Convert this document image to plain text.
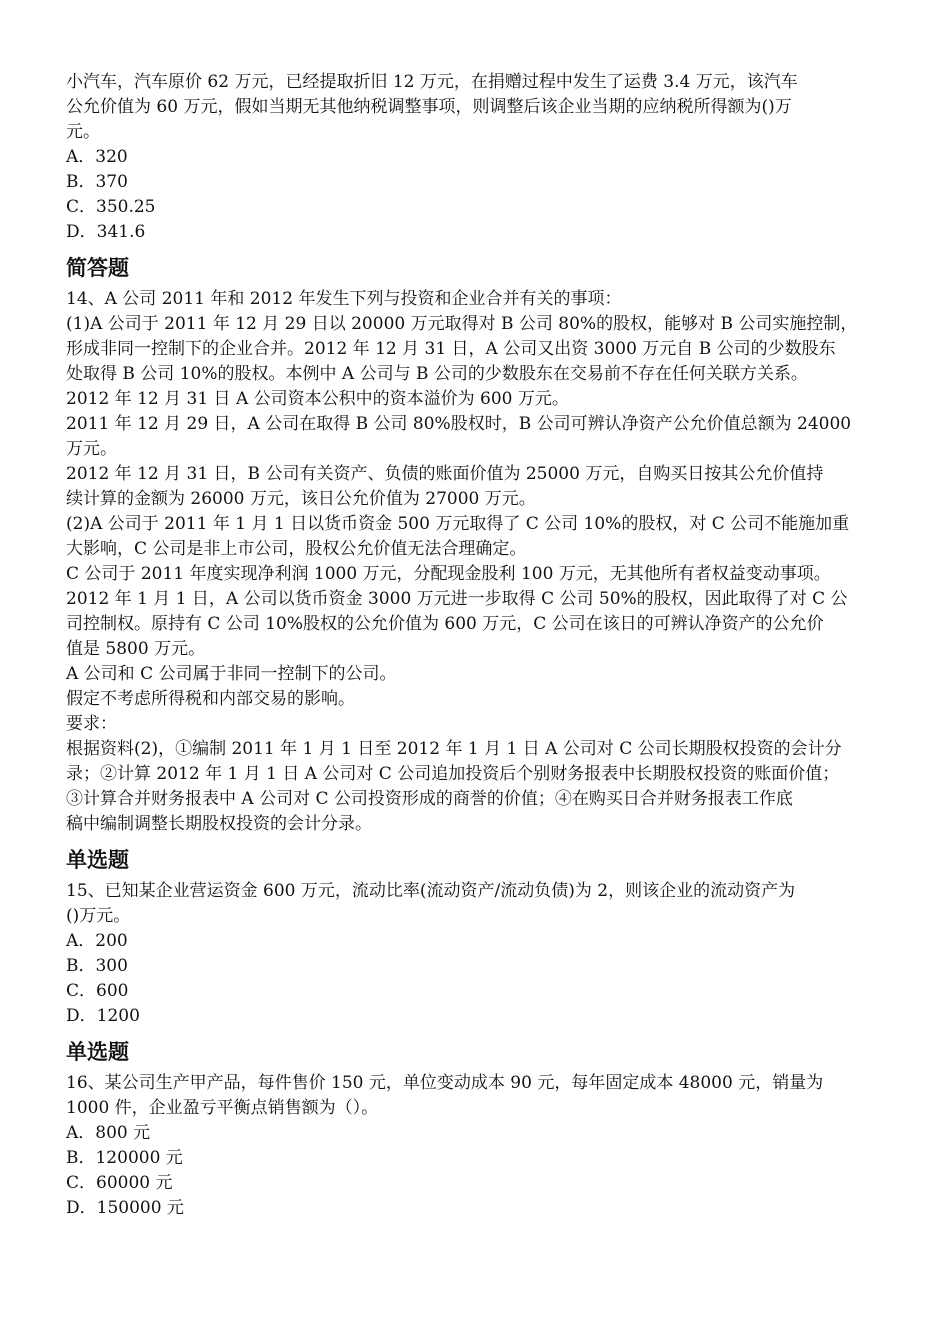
小汽车，汽车原价 62 万元，已经提取折旧 12 万元，在捐赠过程中发生了运费 3.4 万元，该汽车
公允价值为 60 万元，假如当期无其他纳税调整事项，则调整后该企业当期的应纳税所得额为()万
元。
A．320
B．370
C．350.25
D．341.6
简答题
14、A 公司 2011 年和 2012 年发生下列与投资和企业合并有关的事项：
(1)A 公司于 2011 年 12 月 29 日以 20000 万元取得对 B 公司 80%的股权，能够对 B 公司实施控制，
形成非同一控制下的企业合并。2012 年 12 月 31 日，A 公司又出资 3000 万元自 B 公司的少数股东
处取得 B 公司 10%的股权。本例中 A 公司与 B 公司的少数股东在交易前不存在任何关联方关系。
2012 年 12 月 31 日 A 公司资本公积中的资本溢价为 600 万元。
2011 年 12 月 29 日，A 公司在取得 B 公司 80%股权时，B 公司可辨认净资产公允价值总额为 24000
万元。
2012 年 12 月 31 日，B 公司有关资产、负债的账面价值为 25000 万元，自购买日按其公允价值持
续计算的金额为 26000 万元，该日公允价值为 27000 万元。
(2)A 公司于 2011 年 1 月 1 日以货币资金 500 万元取得了 C 公司 10%的股权，对 C 公司不能施加重
大影响，C 公司是非上市公司，股权公允价值无法合理确定。
C 公司于 2011 年度实现净利润 1000 万元，分配现金股利 100 万元，无其他所有者权益变动事项。
2012 年 1 月 1 日，A 公司以货币资金 3000 万元进一步取得 C 公司 50%的股权，因此取得了对 C 公
司控制权。原持有 C 公司 10%股权的公允价值为 600 万元，C 公司在该日的可辨认净资产的公允价
值是 5800 万元。
A 公司和 C 公司属于非同一控制下的公司。
假定不考虑所得税和内部交易的影响。
要求：
根据资料(2)，①编制 2011 年 1 月 1 日至 2012 年 1 月 1 日 A 公司对 C 公司长期股权投资的会计分
录；②计算 2012 年 1 月 1 日 A 公司对 C 公司追加投资后个别财务报表中长期股权投资的账面价值；
③计算合并财务报表中 A 公司对 C 公司投资形成的商誉的价值；④在购买日合并财务报表工作底
稿中编制调整长期股权投资的会计分录。
单选题
15、已知某企业营运资金 600 万元，流动比率(流动资产/流动负债)为 2，则该企业的流动资产为
()万元。
A．200
B．300
C．600
D．1200
单选题
16、某公司生产甲产品，每件售价 150 元，单位变动成本 90 元，每年固定成本 48000 元，销量为
1000 件，企业盈亏平衡点销售额为（）。
A．800 元
B．120000 元
C．60000 元
D．150000 元
